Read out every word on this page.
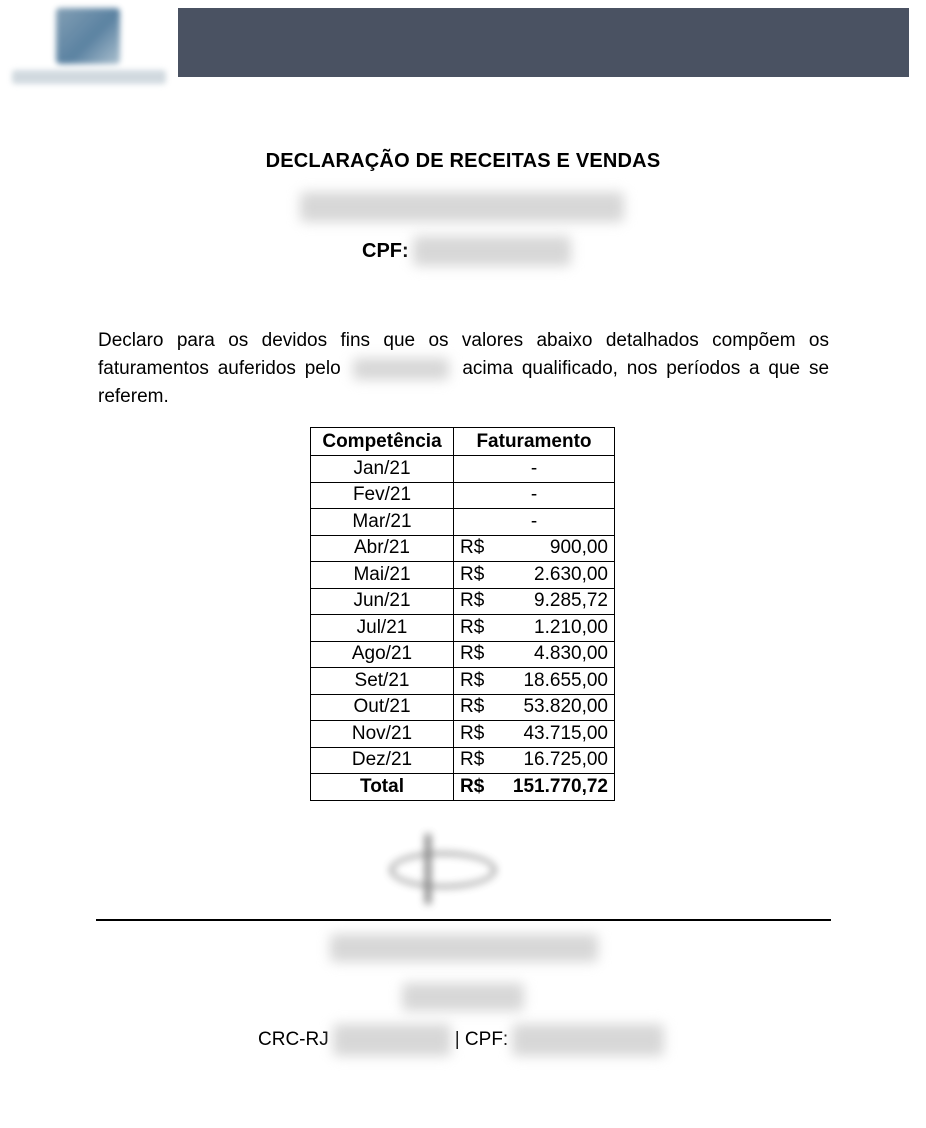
DECLARAÇÃO DE RECEITAS E VENDAS
CPF:

Declaro para os devidos fins que os valores abaixo detalhados compõem os faturamentos auferidos pelo	acima qualificado, nos períodos a que se referem.

Competência	Faturamento
Jan/21	-

Fev/21	-

Mar/21	-

Abr/21	R$ 900,00

Mai/21	R$ 2.630,00

Jun/21	R$ 9.285,72

Jul/21	R$ 1.210,00

Ago/21	R$ 4.830,00

Set/21	R$ 18.655,00

Out/21	R$ 53.820,00

Nov/21	R$ 43.715,00

Dez/21	R$ 16.725,00

Total	R$ 151.770,72
CRC-RJ	| CPF:
